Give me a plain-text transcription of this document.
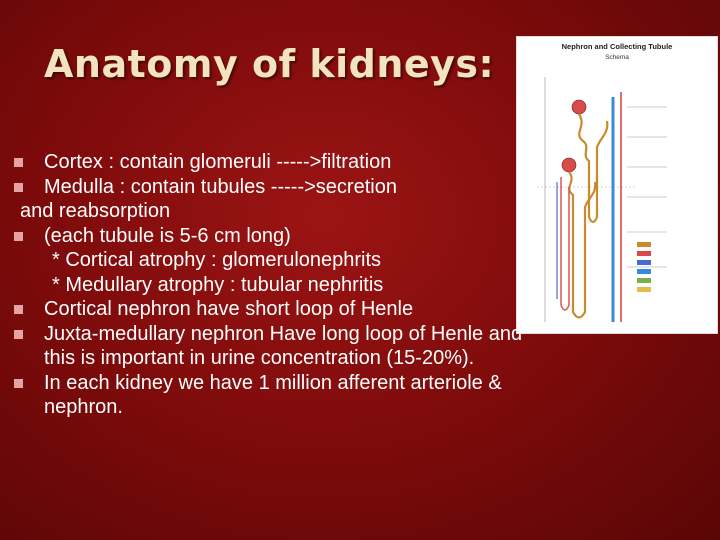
Anatomy of kidneys:	Nephron and Collecting Tubule
Schema
Cortex : contain glomeruli ----->filtration
Medulla : contain tubules ----->secretion
and reabsorption
(each tubule is 5-6 cm long)
* Cortical atrophy : glomerulonephrits
* Medullary atrophy : tubular nephritis
Cortical nephron have short loop of Henle
Juxta-medullary nephron Have long loop of Henle and
this is important in urine concentration (15-20%).
In each kidney we have 1 million afferent arteriole &
nephron.
